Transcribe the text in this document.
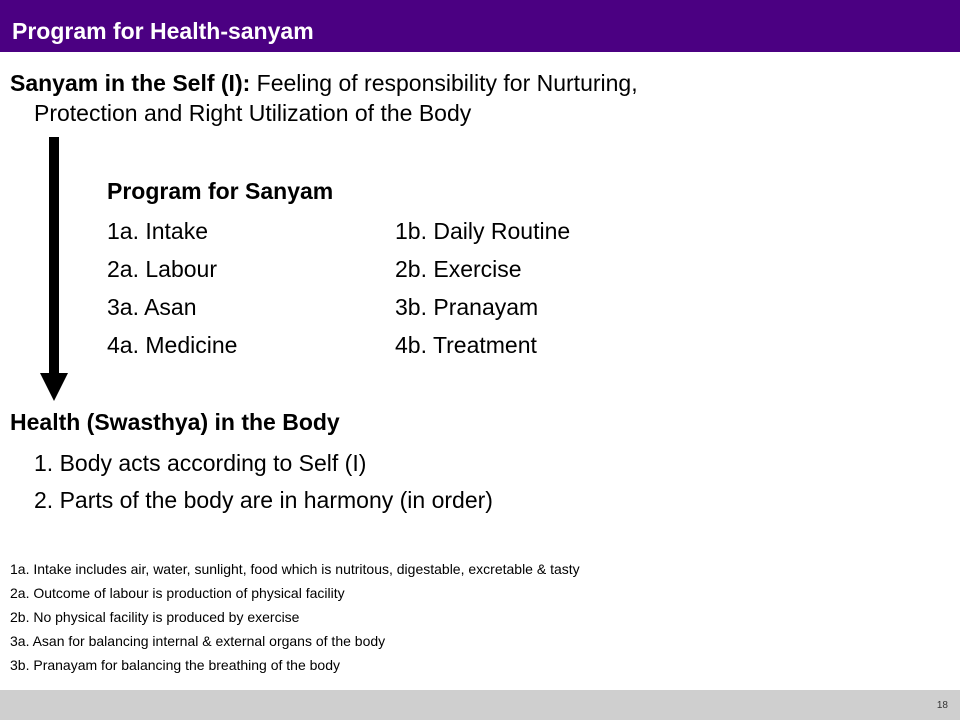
Program for Health-sanyam
Sanyam in the Self (I): Feeling of responsibility for Nurturing,
Protection and Right Utilization of the Body
Program for Sanyam
1a. Intake	1b. Daily Routine
2a. Labour	2b. Exercise
3a. Asan	3b. Pranayam
4a. Medicine	4b. Treatment
Health (Swasthya) in the Body
1. Body acts according to Self (I)
2. Parts of the body are in harmony (in order)
1a. Intake includes air, water, sunlight, food which is nutritous, digestable, excretable & tasty
2a. Outcome of labour is production of physical facility
2b. No physical facility is produced by exercise
3a. Asan for balancing internal & external organs of the body
3b. Pranayam for balancing the breathing of the body
18
